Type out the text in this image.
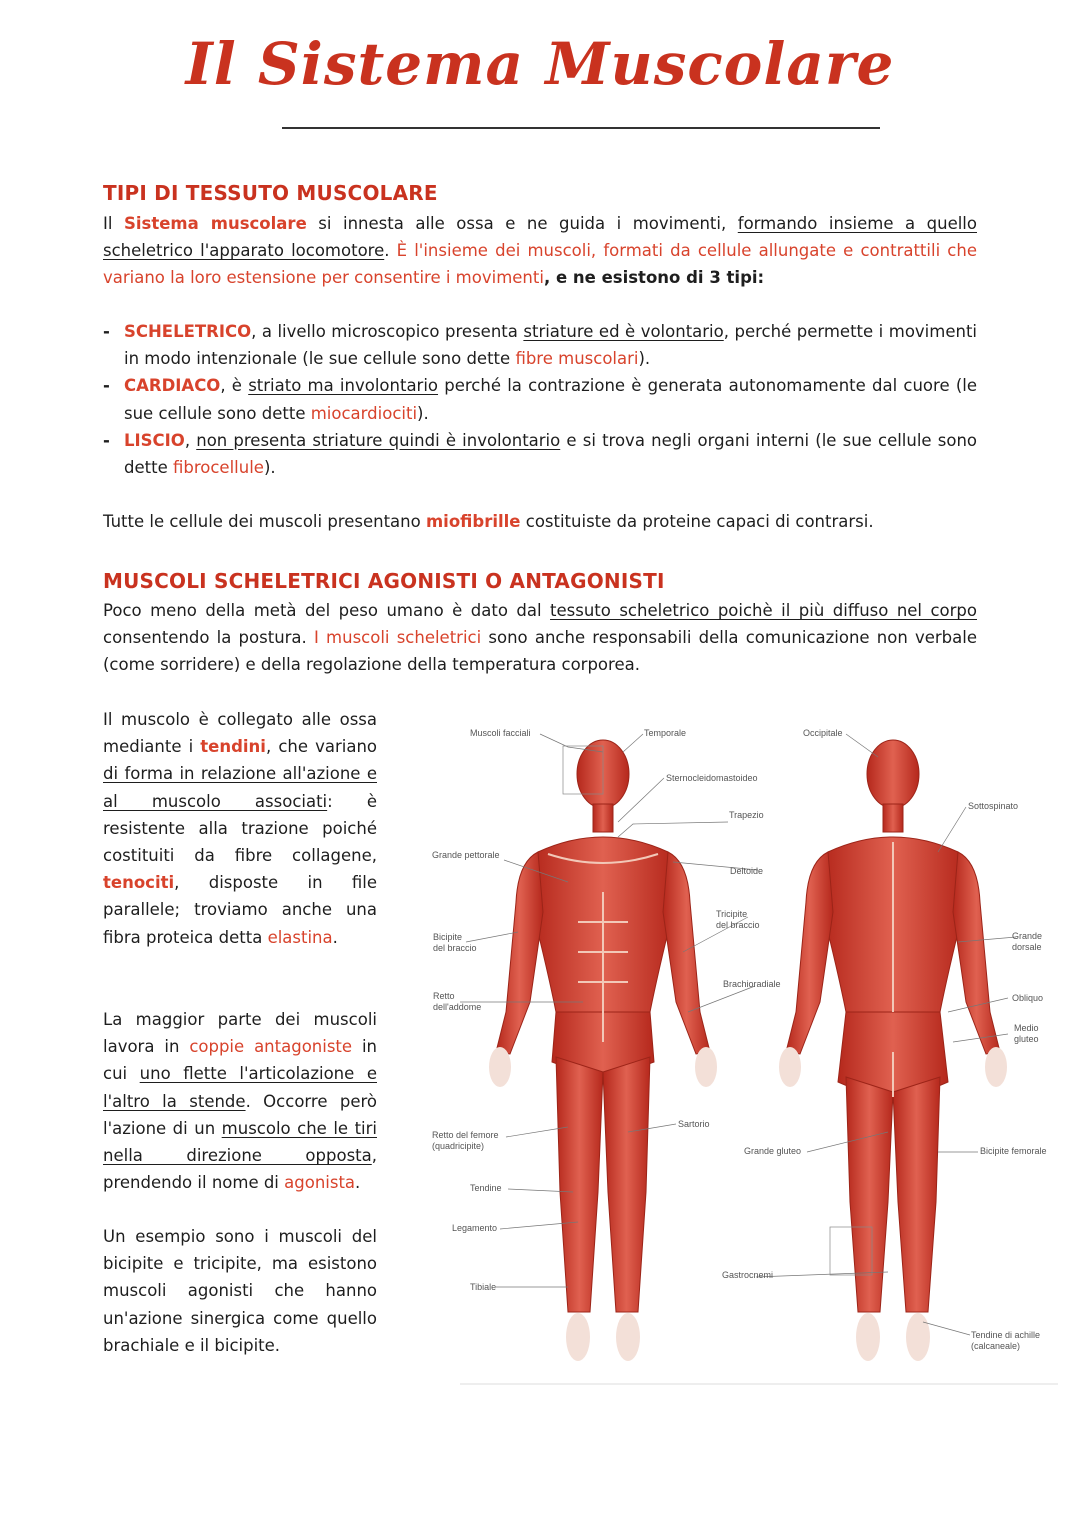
Il Sistema Muscolare
TIPI DI TESSUTO MUSCOLARE
Il Sistema muscolare si innesta alle ossa e ne guida i movimenti, formando insieme a quello scheletrico l'apparato locomotore. È l'insieme dei muscoli, formati da cellule allungate e contrattili che variano la loro estensione per consentire i movimenti, e ne esistono di 3 tipi:
- SCHELETRICO, a livello microscopico presenta striature ed è volontario, perché permette i movimenti in modo intenzionale (le sue cellule sono dette fibre muscolari).
- CARDIACO, è striato ma involontario perché la contrazione è generata autonomamente dal cuore (le sue cellule sono dette miocardiociti).
- LISCIO, non presenta striature quindi è involontario e si trova negli organi interni (le sue cellule sono dette fibrocellule).
Tutte le cellule dei muscoli presentano miofibrille costituiste da proteine capaci di contrarsi.
MUSCOLI SCHELETRICI AGONISTI O ANTAGONISTI
Poco meno della metà del peso umano è dato dal tessuto scheletrico poichè il più diffuso nel corpo consentendo la postura. I muscoli scheletrici sono anche responsabili della comunicazione non verbale (come sorridere) e della regolazione della temperatura corporea.
Il muscolo è collegato alle ossa mediante i tendini, che variano di forma in relazione all'azione e al muscolo associati: è resistente alla trazione poiché costituiti da fibre collagene, tenociti, disposte in file parallele; troviamo anche una fibra proteica detta elastina.
La maggior parte dei muscoli lavora in coppie antagoniste in cui uno flette l'articolazione e l'altro la stende. Occorre però l'azione di un muscolo che le tiri nella direzione opposta, prendendo il nome di agonista.
Un esempio sono i muscoli del bicipite e tricipite, ma esistono muscoli agonisti che hanno un'azione sinergica come quello brachiale e il bicipite.
Muscoli facciali	Temporale	Occipitale
Sternocleidomastoideo
Sottospinato
Trapezio
Grande pettorale
Deltoide
Tricipite
del braccio
Bicipite
del braccio
Grande
dorsale
Brachioradiale
Retto
dell'addome
Obliquo
Medio
gluteo
Sartorio
Retto del femore
(quadricipite)	Grande gluteo	Bicipite femorale
Tendine
Legamento
Gastrocnemi
Tibiale
Tendine di achille
(calcaneale)
